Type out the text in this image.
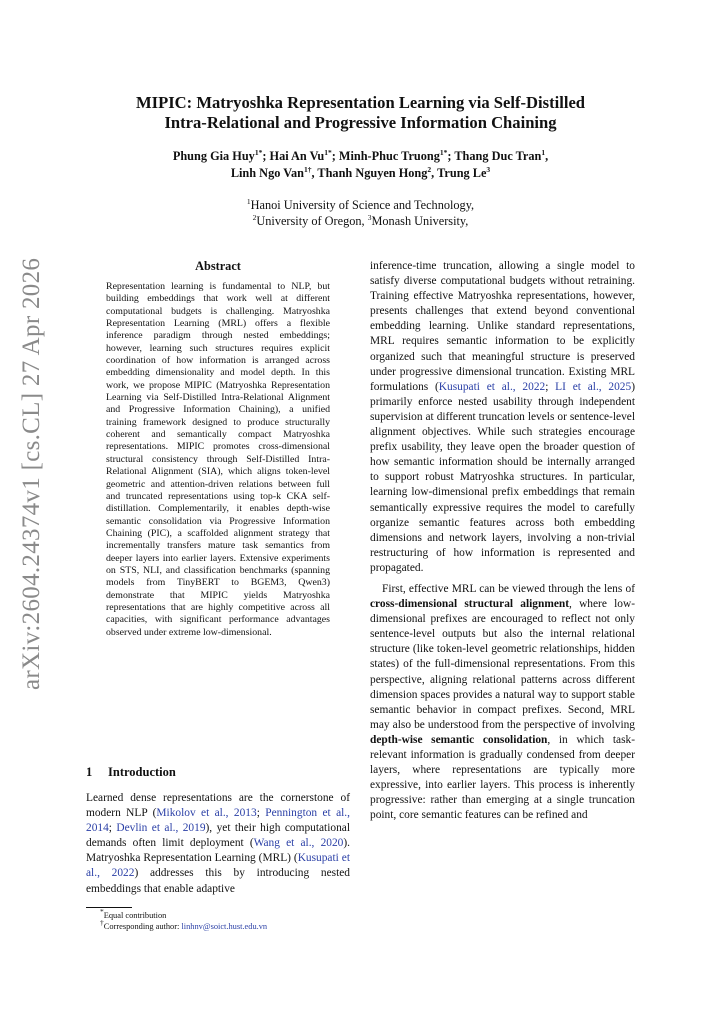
arXiv:2604.24374v1 [cs.CL] 27 Apr 2026
MIPIC: Matryoshka Representation Learning via Self-Distilled
Intra-Relational and Progressive Information Chaining
Phung Gia Huy$^{1*}$; Hai An $Vu^{1*}$; Minh-Phuc Truong$^{1*}$; Thang Duc Tran$^1$,
Linh Ngo Van$^{1\dagger}$, Thanh Nguyen Hong$^2$, Trung Le$^3$
$^1$Hanoi University of Science and Technology,
$^2$University of Oregon, $^3$Monash University,
Abstract

Representation learning is fundamental to NLP, but building embeddings that work well at different computational budgets is challenging. Matryoshka Representation Learning (MRL) offers a flexible inference paradigm through nested embeddings; however, learning such structures requires explicit coordination of how information is arranged across embedding dimensionality and model depth. In this work, we propose MIPIC (Matryoshka Representation Learning via Self-Distilled Intra-Relational Alignment and Progressive Information Chaining), a unified training framework designed to produce structurally coherent and semantically compact Matryoshka representations. MIPIC promotes cross-dimensional structural consistency through Self-Distilled Intra-Relational Alignment (SIA), which aligns token-level geometric and attention-driven relations between full and truncated representations using top-k CKA self-distillation. Complementarily, it enables depth-wise semantic consolidation via Progressive Information Chaining (PIC), a scaffolded alignment strategy that incrementally transfers mature task semantics from deeper layers into earlier layers. Extensive experiments on STS, NLI, and classification benchmarks (spanning models from TinyBERT to BGEM3, Qwen3) demonstrate that MIPIC yields Matryoshka representations that are highly competitive across all capacities, with significant performance advantages observed under extreme low-dimensional.

1 Introduction

Learned dense representations are the cornerstone of modern NLP (Mikolov et al., 2013; Pennington et al., 2014; Devlin et al., 2019), yet their high computational demands often limit deployment (Wang et al., 2020). Matryoshka Representation Learning (MRL) (Kusupati et al., 2022) addresses this by introducing nested embeddings that enable adaptive

*Equal contribution
†Corresponding author: linhnv@soict.hust.edu.vn

inference-time truncation, allowing a single model to satisfy diverse computational budgets without retraining. Training effective Matryoshka representations, however, presents challenges that extend beyond conventional embedding learning. Unlike standard representations, MRL requires semantic information to be explicitly organized such that meaningful structure is preserved under progressive dimensional truncation. Existing MRL formulations (Kusupati et al., 2022; LI et al., 2025) primarily enforce nested usability through independent supervision at different truncation levels or sentence-level alignment objectives. While such strategies encourage prefix usability, they leave open the broader question of how semantic information should be internally arranged to support robust Matryoshka structures. In particular, learning low-dimensional prefix embeddings that remain semantically expressive requires the model to carefully organize semantic features across both embedding dimensions and network layers, involving a non-trivial restructuring of how information is represented and propagated.

First, effective MRL can be viewed through the lens of cross-dimensional structural alignment, where low-dimensional prefixes are encouraged to reflect not only sentence-level outputs but also the internal relational structure (like token-level geometric relationships, hidden states) of the full-dimensional representations. From this perspective, aligning relational patterns across different dimension spaces provides a natural way to support stable semantic behavior in compact prefixes. Second, MRL may also be understood from the perspective of involving depth-wise semantic consolidation, in which task-relevant information is gradually condensed from deeper layers, where representations are typically more expressive, into earlier layers. This process is inherently progressive: rather than emerging at a single truncation point, core semantic features can be refined and
